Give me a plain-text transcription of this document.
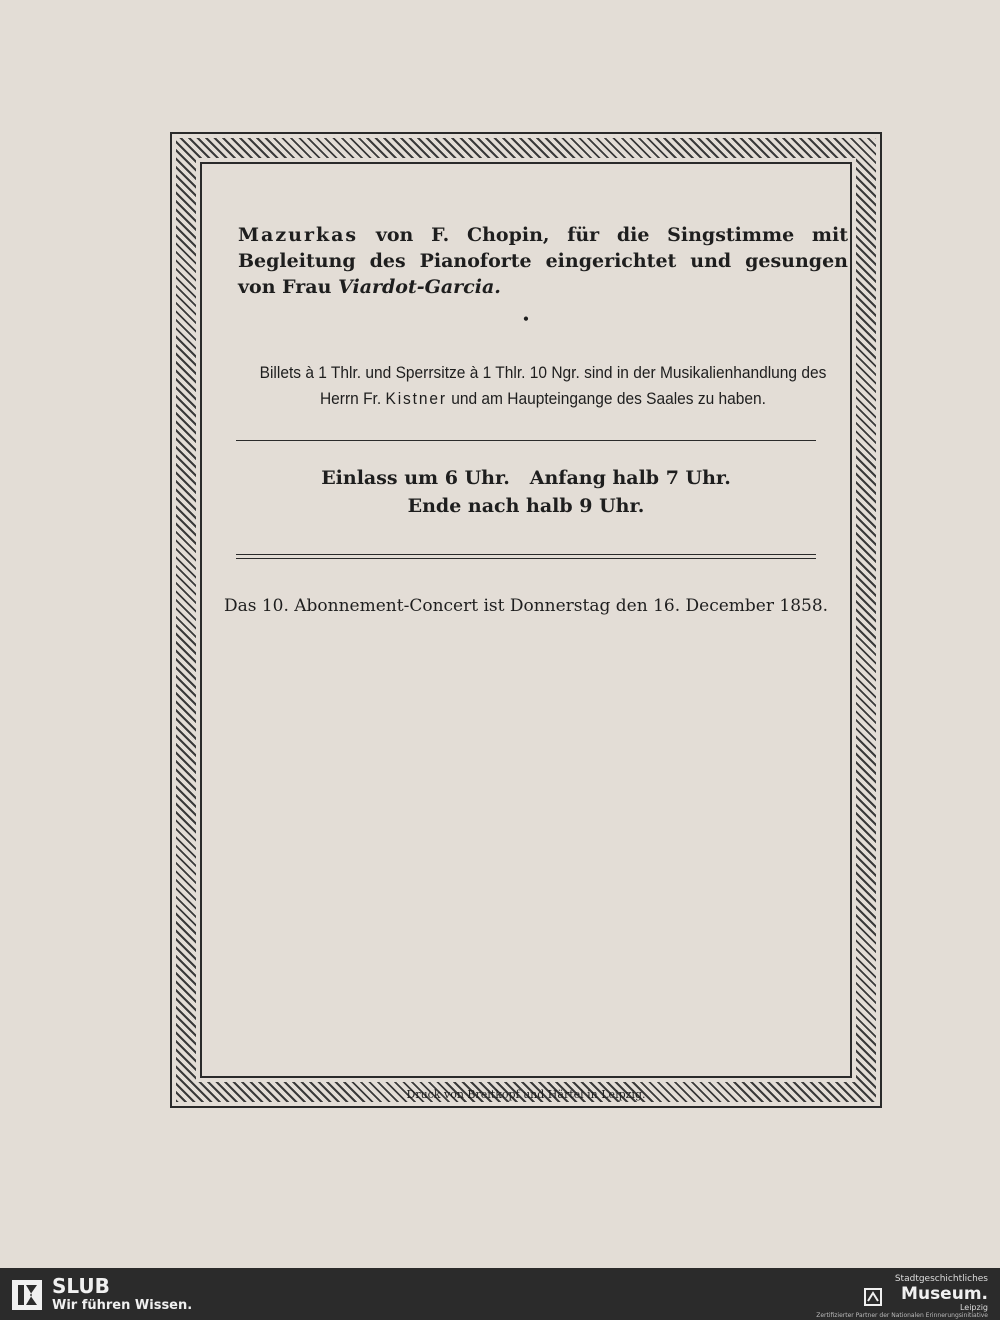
Mazurkas von F. Chopin, für die Singstimme mit Begleitung des Pianoforte eingerichtet und gesungen von Frau Viardot-Garcia.
•
Billets à 1 Thlr. und Sperrsitze à 1 Thlr. 10 Ngr. sind in der Musikalienhandlung des Herrn Fr. Kistner und am Haupteingange des Saales zu haben.
Einlass um 6 Uhr.   Anfang halb 7 Uhr.
Ende nach halb 9 Uhr.
Das 10. Abonnement-Concert ist Donnerstag den 16. December 1858.
Druck von Breitkopf und Härtel in Leipzig.
SLUB
Wir führen Wissen.
Stadtgeschichtliches
Museum.
Leipzig
Zertifizierter Partner der Nationalen Erinnerungsinitiative
